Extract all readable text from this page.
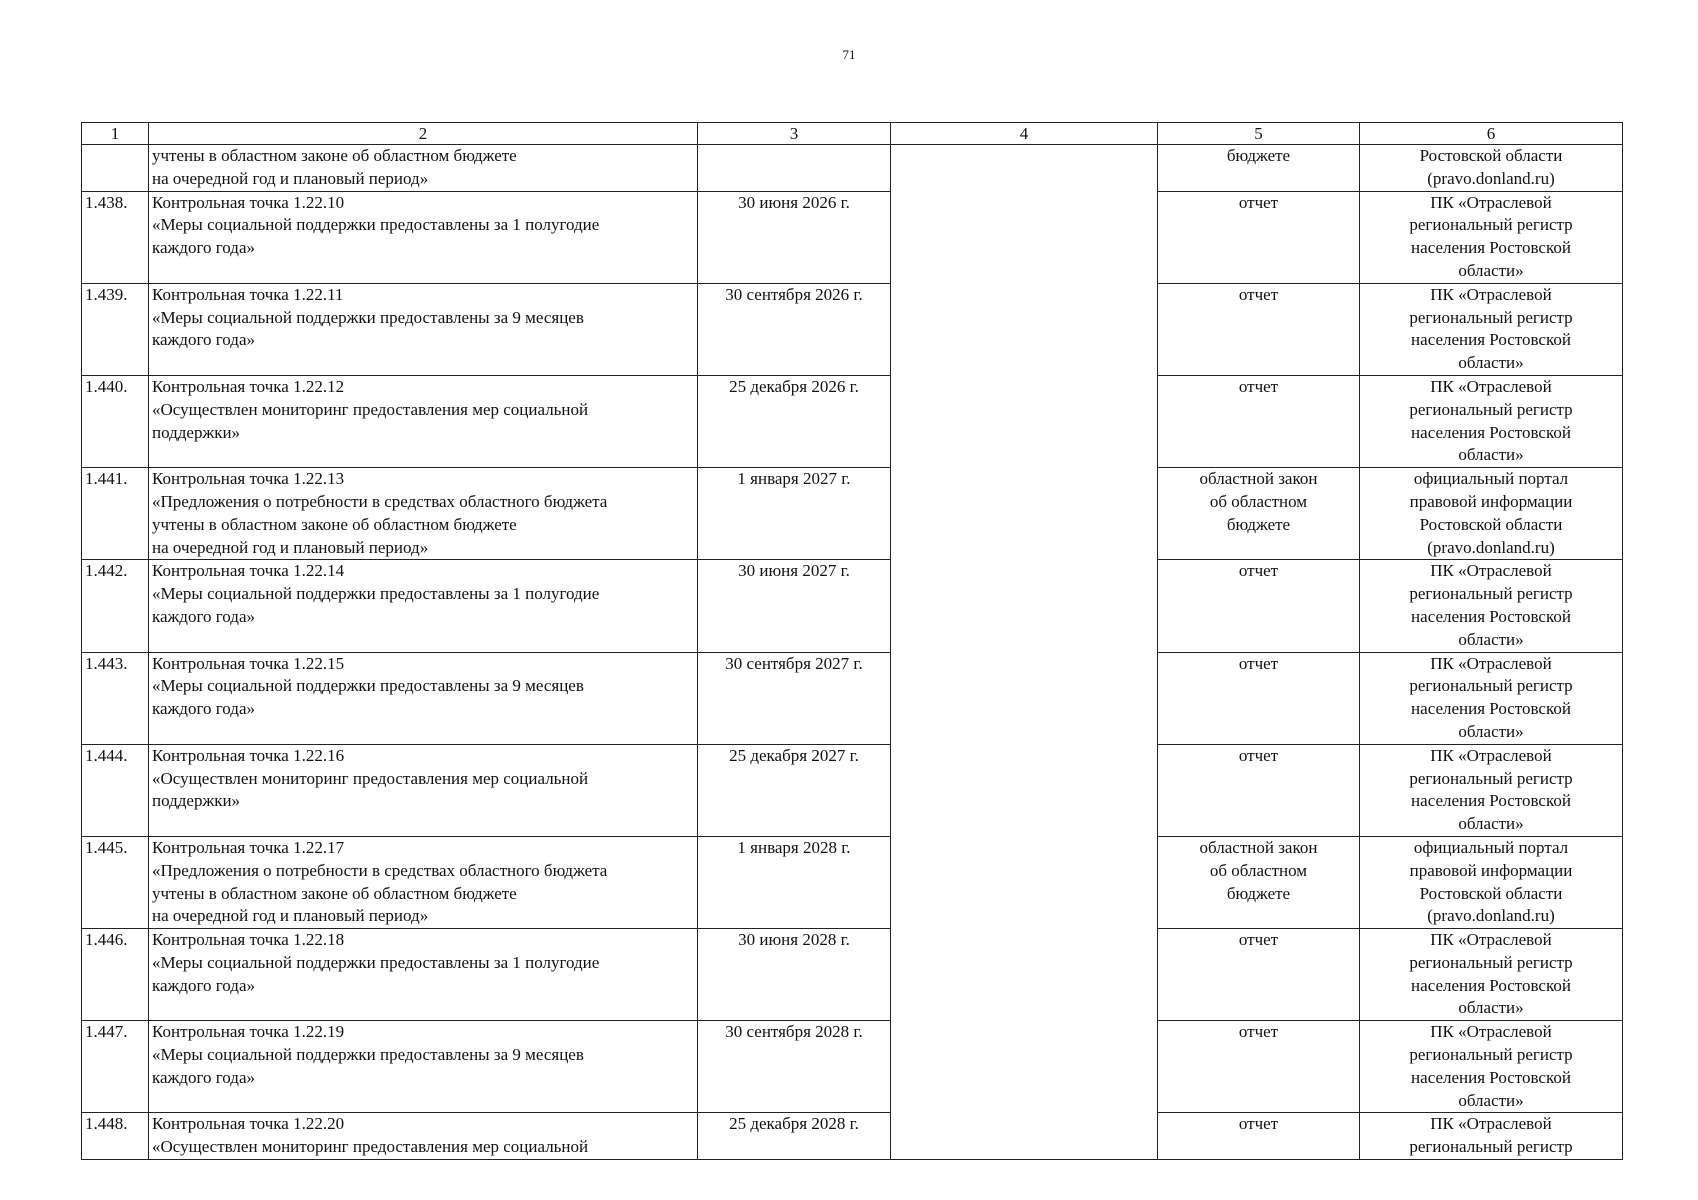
71
1	2	3	4	5	6

	учтены в областном законе об областном бюджете
на очередной год и плановый период»			бюджете	Ростовской области
(pravo.donland.ru)

1.438.	Контрольная точка 1.22.10
«Меры социальной поддержки предоставлены за 1 полугодие
каждого года»	30 июня 2026 г.		отчет	ПК «Отраслевой
региональный регистр
населения Ростовской
области»

1.439.	Контрольная точка 1.22.11
«Меры социальной поддержки предоставлены за 9 месяцев
каждого года»	30 сентября 2026 г.		отчет	ПК «Отраслевой
региональный регистр
населения Ростовской
области»

1.440.	Контрольная точка 1.22.12
«Осуществлен мониторинг предоставления мер социальной
поддержки»	25 декабря 2026 г.		отчет	ПК «Отраслевой
региональный регистр
населения Ростовской
области»

1.441.	Контрольная точка 1.22.13
«Предложения о потребности в средствах областного бюджета
учтены в областном законе об областном бюджете
на очередной год и плановый период»	1 января 2027 г.		областной закон
об областном
бюджете	официальный портал
правовой информации
Ростовской области
(pravo.donland.ru)

1.442.	Контрольная точка 1.22.14
«Меры социальной поддержки предоставлены за 1 полугодие
каждого года»	30 июня 2027 г.		отчет	ПК «Отраслевой
региональный регистр
населения Ростовской
области»

1.443.	Контрольная точка 1.22.15
«Меры социальной поддержки предоставлены за 9 месяцев
каждого года»	30 сентября 2027 г.		отчет	ПК «Отраслевой
региональный регистр
населения Ростовской
области»

1.444.	Контрольная точка 1.22.16
«Осуществлен мониторинг предоставления мер социальной
поддержки»	25 декабря 2027 г.		отчет	ПК «Отраслевой
региональный регистр
населения Ростовской
области»

1.445.	Контрольная точка 1.22.17
«Предложения о потребности в средствах областного бюджета
учтены в областном законе об областном бюджете
на очередной год и плановый период»	1 января 2028 г.		областной закон
об областном
бюджете	официальный портал
правовой информации
Ростовской области
(pravo.donland.ru)

1.446.	Контрольная точка 1.22.18
«Меры социальной поддержки предоставлены за 1 полугодие
каждого года»	30 июня 2028 г.		отчет	ПК «Отраслевой
региональный регистр
населения Ростовской
области»

1.447.	Контрольная точка 1.22.19
«Меры социальной поддержки предоставлены за 9 месяцев
каждого года»	30 сентября 2028 г.		отчет	ПК «Отраслевой
региональный регистр
населения Ростовской
области»

1.448.	Контрольная точка 1.22.20
«Осуществлен мониторинг предоставления мер социальной	25 декабря 2028 г.		отчет	ПК «Отраслевой
региональный регистр
